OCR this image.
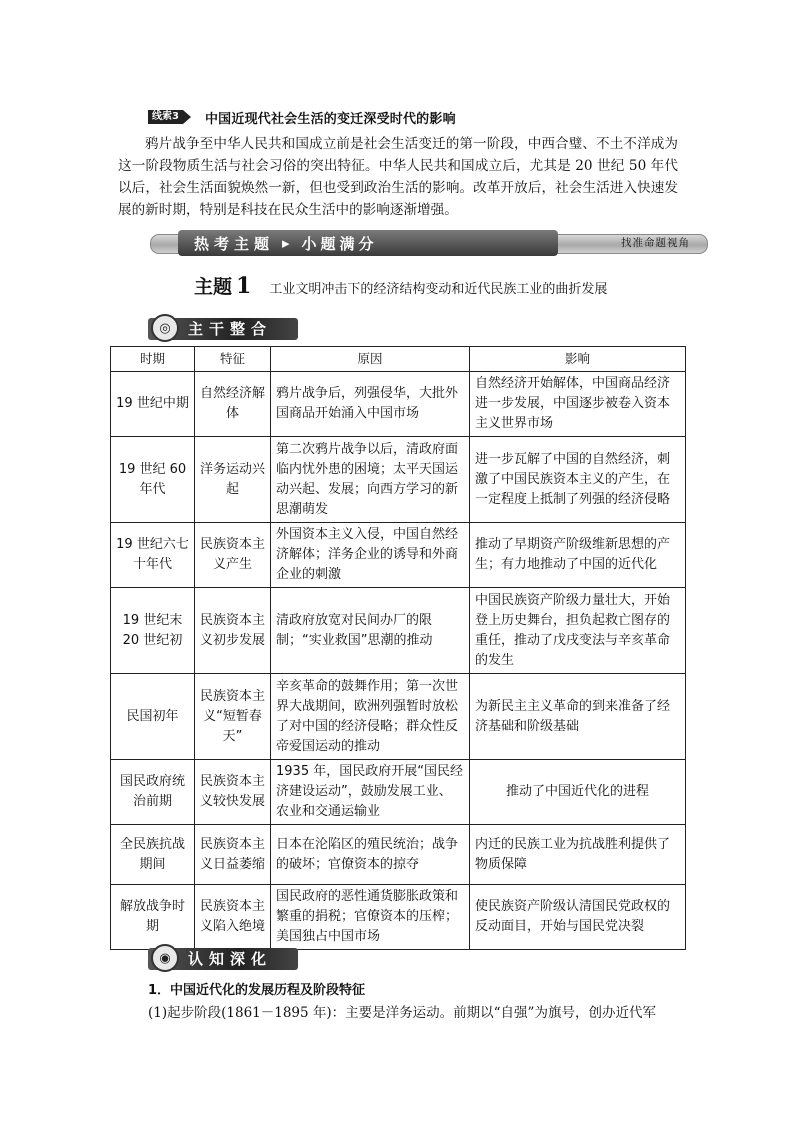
线索3	中国近现代社会生活的变迁深受时代的影响
鸦片战争至中华人民共和国成立前是社会生活变迁的第一阶段，中西合璧、不土不洋成为这一阶段物质生活与社会习俗的突出特征。中华人民共和国成立后，尤其是 20 世纪 50 年代以后，社会生活面貌焕然一新，但也受到政治生活的影响。改革开放后，社会生活进入快速发展的新时期，特别是科技在民众生活中的影响逐渐增强。
热考主题 ▸ 小题满分	找准命题视角
主题 1 工业文明冲击下的经济结构变动和近代民族工业的曲折发展
◎	主干整合
时期	特征	原因	影响
19 世纪中期	自然经济解体	鸦片战争后，列强侵华，大批外国商品开始涌入中国市场	自然经济开始解体，中国商品经济进一步发展，中国逐步被卷入资本主义世界市场
19 世纪 60 年代	洋务运动兴起	第二次鸦片战争以后，清政府面临内忧外患的困境；太平天国运动兴起、发展；向西方学习的新思潮萌发	进一步瓦解了中国的自然经济，刺激了中国民族资本主义的产生，在一定程度上抵制了列强的经济侵略
19 世纪六七十年代	民族资本主义产生	外国资本主义入侵，中国自然经济解体；洋务企业的诱导和外商企业的刺激	推动了早期资产阶级维新思想的产生；有力地推动了中国的近代化
19 世纪末 20 世纪初	民族资本主义初步发展	清政府放宽对民间办厂的限制；“实业救国”思潮的推动	中国民族资产阶级力量壮大，开始登上历史舞台，担负起救亡图存的重任，推动了戊戌变法与辛亥革命的发生
民国初年	民族资本主义“短暂春天”	辛亥革命的鼓舞作用；第一次世界大战期间，欧洲列强暂时放松了对中国的经济侵略；群众性反帝爱国运动的推动	为新民主主义革命的到来准备了经济基础和阶级基础
国民政府统治前期	民族资本主义较快发展	1935 年，国民政府开展“国民经济建设运动”，鼓励发展工业、农业和交通运输业	推动了中国近代化的进程
全民族抗战期间	民族资本主义日益萎缩	日本在沦陷区的殖民统治；战争的破坏；官僚资本的掠夺	内迁的民族工业为抗战胜利提供了物质保障
解放战争时期	民族资本主义陷入绝境	国民政府的恶性通货膨胀政策和繁重的捐税；官僚资本的压榨；美国独占中国市场	使民族资产阶级认清国民党政权的反动面目，开始与国民党决裂
◉	认知深化
1．中国近代化的发展历程及阶段特征
(1)起步阶段(1861－1895 年)：主要是洋务运动。前期以“自强”为旗号，创办近代军
